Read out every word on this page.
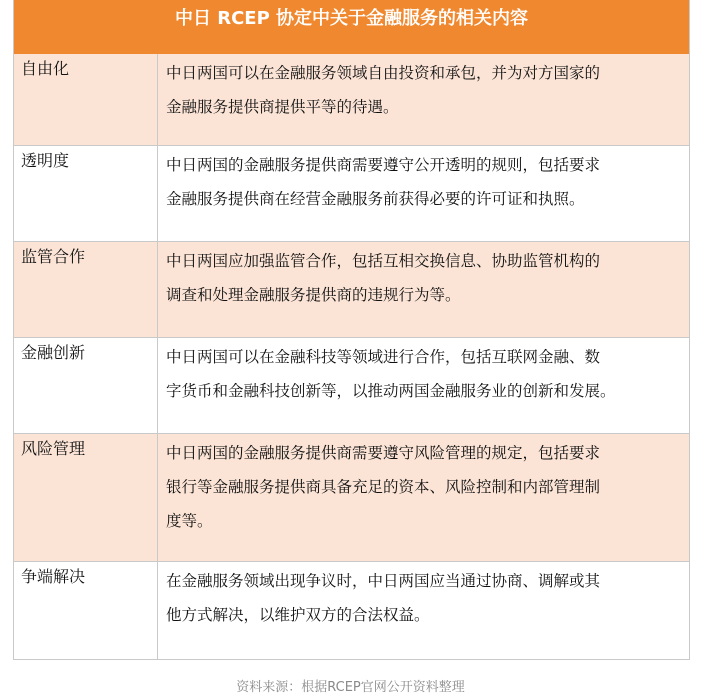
中日 RCEP 协定中关于金融服务的相关内容
自由化	中日两国可以在金融服务领域自由投资和承包，并为对方国家的
金融服务提供商提供平等的待遇。
透明度	中日两国的金融服务提供商需要遵守公开透明的规则，包括要求
金融服务提供商在经营金融服务前获得必要的许可证和执照。
监管合作	中日两国应加强监管合作，包括互相交换信息、协助监管机构的
调查和处理金融服务提供商的违规行为等。
金融创新	中日两国可以在金融科技等领域进行合作，包括互联网金融、数
字货币和金融科技创新等，以推动两国金融服务业的创新和发展。
风险管理	中日两国的金融服务提供商需要遵守风险管理的规定，包括要求
银行等金融服务提供商具备充足的资本、风险控制和内部管理制
度等。
争端解决	在金融服务领域出现争议时，中日两国应当通过协商、调解或其
他方式解决，以维护双方的合法权益。
资料来源：根据RCEP官网公开资料整理
